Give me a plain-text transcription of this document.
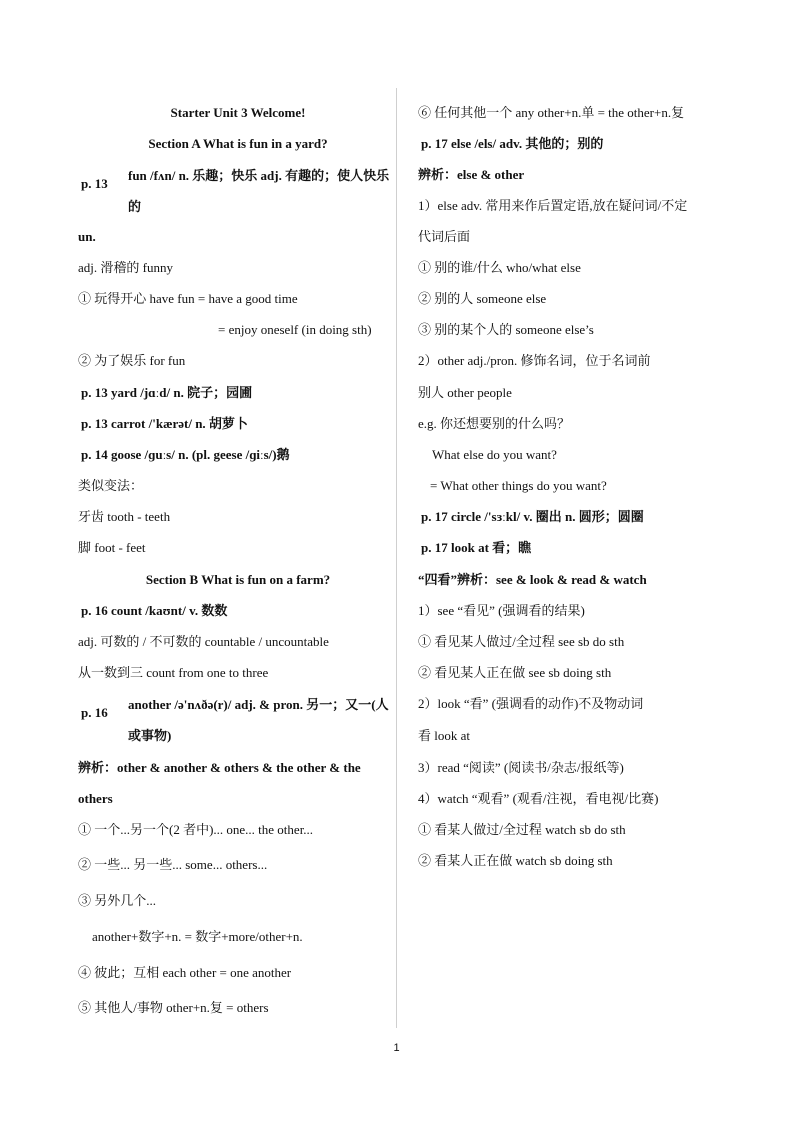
Starter Unit 3 Welcome!
Section A What is fun in a yard?
p. 13
fun /fʌn/ n. 乐趣；快乐 adj. 有趣的；使人快乐的
un.
adj. 滑稽的 funny
① 玩得开心 have fun = have a good time
= enjoy oneself (in doing sth)
② 为了娱乐 for fun
p. 13 yard /jɑːd/ n. 院子；园圃
p. 13 carrot /'kærət/ n. 胡萝卜
p. 14 goose /ɡuːs/ n. (pl. geese /ɡiːs/)鹅
类似变法：
牙齿 tooth - teeth
脚 foot - feet
Section B What is fun on a farm?
p. 16 count /kaʊnt/ v. 数数
adj. 可数的 / 不可数的 countable / uncountable
从一数到三 count from one to three
p. 16
another /ə'nʌðə(r)/ adj. & pron. 另一；又一(人或事物)
辨析：other & another & others & the other & the
others
① 一个...另一个(2 者中)... one... the other...
② 一些... 另一些... some... others...
③ 另外几个...
another+数字+n. = 数字+more/other+n.
④ 彼此；互相 each other = one another
⑤ 其他人/事物 other+n.复 = others
⑥ 任何其他一个 any other+n.单 = the other+n.复
p. 17 else /els/ adv. 其他的；别的
辨析：else & other
1）else adv. 常用来作后置定语,放在疑问词/不定
代词后面
① 别的谁/什么 who/what else
② 别的人 someone else
③ 别的某个人的 someone else’s
2）other adj./pron. 修饰名词，位于名词前
别人 other people
e.g. 你还想要别的什么吗？
What else do you want?
= What other things do you want?
p. 17 circle /'sɜːkl/ v. 圈出 n. 圆形；圆圈
p. 17 look at 看；瞧
“四看”辨析：see & look & read & watch
1）see “看见” (强调看的结果)
① 看见某人做过/全过程 see sb do sth
② 看见某人正在做 see sb doing sth
2）look “看” (强调看的动作)不及物动词
看 look at
3）read “阅读” (阅读书/杂志/报纸等)
4）watch “观看” (观看/注视，看电视/比赛)
① 看某人做过/全过程 watch sb do sth
② 看某人正在做 watch sb doing sth
1
